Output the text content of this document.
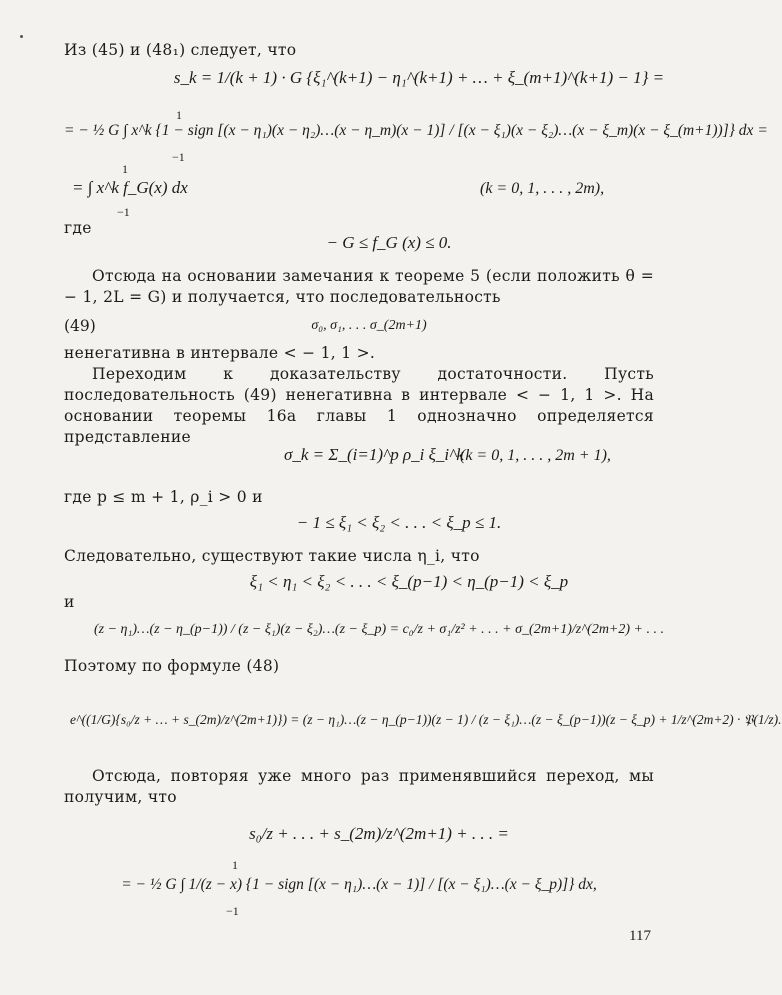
Из (45) и (48₁) следует, что

s_k = 1/(k + 1) · G {ξ₁^(k+1) − η₁^(k+1) + … + ξ_(m+1)^(k+1) − 1} =
1
= − ½ G ∫ x^k {1 − sign [(x − η₁)(x − η₂)…(x − η_m)(x − 1)] / [(x − ξ₁)(x − ξ₂)…(x − ξ_m)(x − ξ_(m+1))]} dx =
−1
1
= ∫ x^k f_G(x) dx	(k = 0, 1, . . . , 2m),
−1

где

− G ≤ f_G (x) ≤ 0.

Отсюда на основании замечания к теореме 5 (если положить θ = − 1, 2L = G) и получается, что последовательность

(49)	σ₀, σ₁, . . . σ_(2m+1)

ненегативна в интервале < − 1, 1 >.

Переходим к доказательству достаточности. Пусть последовательность (49) ненегативна в интервале < − 1, 1 >. На основании теоремы 16а главы 1 однозначно определяется представление

σ_k = Σ_(i=1)^p ρ_i ξ_i^k
(k = 0, 1, . . . , 2m + 1),

где p ≤ m + 1, ρ_i > 0 и

− 1 ≤ ξ₁ < ξ₂ < . . . < ξ_p ≤ 1.

Следовательно, существуют такие числа η_i, что

ξ₁ < η₁ < ξ₂ < . . . < ξ_(p−1) < η_(p−1) < ξ_p

и

(z − η₁)…(z − η_(p−1)) / (z − ξ₁)(z − ξ₂)…(z − ξ_p) = c₀/z + σ₁/z² + . . . + σ_(2m+1)/z^(2m+2) + . . .

Поэтому по формуле (48)

e^((1/G){s₀/z + … + s_(2m)/z^(2m+1)}) = (z − η₁)…(z − η_(p−1))(z − 1) / (z − ξ₁)…(z − ξ_(p−1))(z − ξ_p) + 1/z^(2m+2) · 𝔓(1/z).

Отсюда, повторяя уже много раз применявшийся переход, мы получим, что

s₀/z + . . . + s_(2m)/z^(2m+1) + . . . =
1
= − ½ G ∫ 1/(z − x) {1 − sign [(x − η₁)…(x − 1)] / [(x − ξ₁)…(x − ξ_p)]} dx,
−1
117
